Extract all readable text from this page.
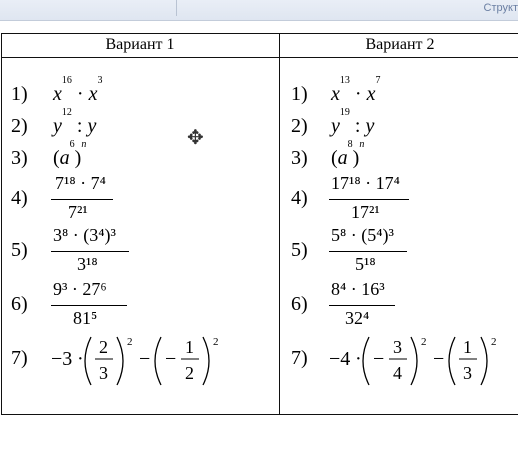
Структ
Вариант 1	Вариант 2
1)
2)
3)
4)
5)
6)
7)
$x^{16} \cdot x^3$
$y^{12}$ : y
$(a^6)^n$
7¹⁸ · 7⁴
7²¹
3⁸ · (3⁴)³
3¹⁸
9³ · 27⁶
81⁵
−3 ·
2
3
2
− −
1
2
2
✥
1)
2)
3)
4)
5)
6)
7)
$x^{13} \cdot x^7$
$y^{19}$ : y
$(a^8)^n$
17¹⁸ · 17⁴
17²¹
5⁸ · (5⁴)³
5¹⁸
8⁴ · 16³
32⁴
−4 · −
3
4
2
−
1
3
2
